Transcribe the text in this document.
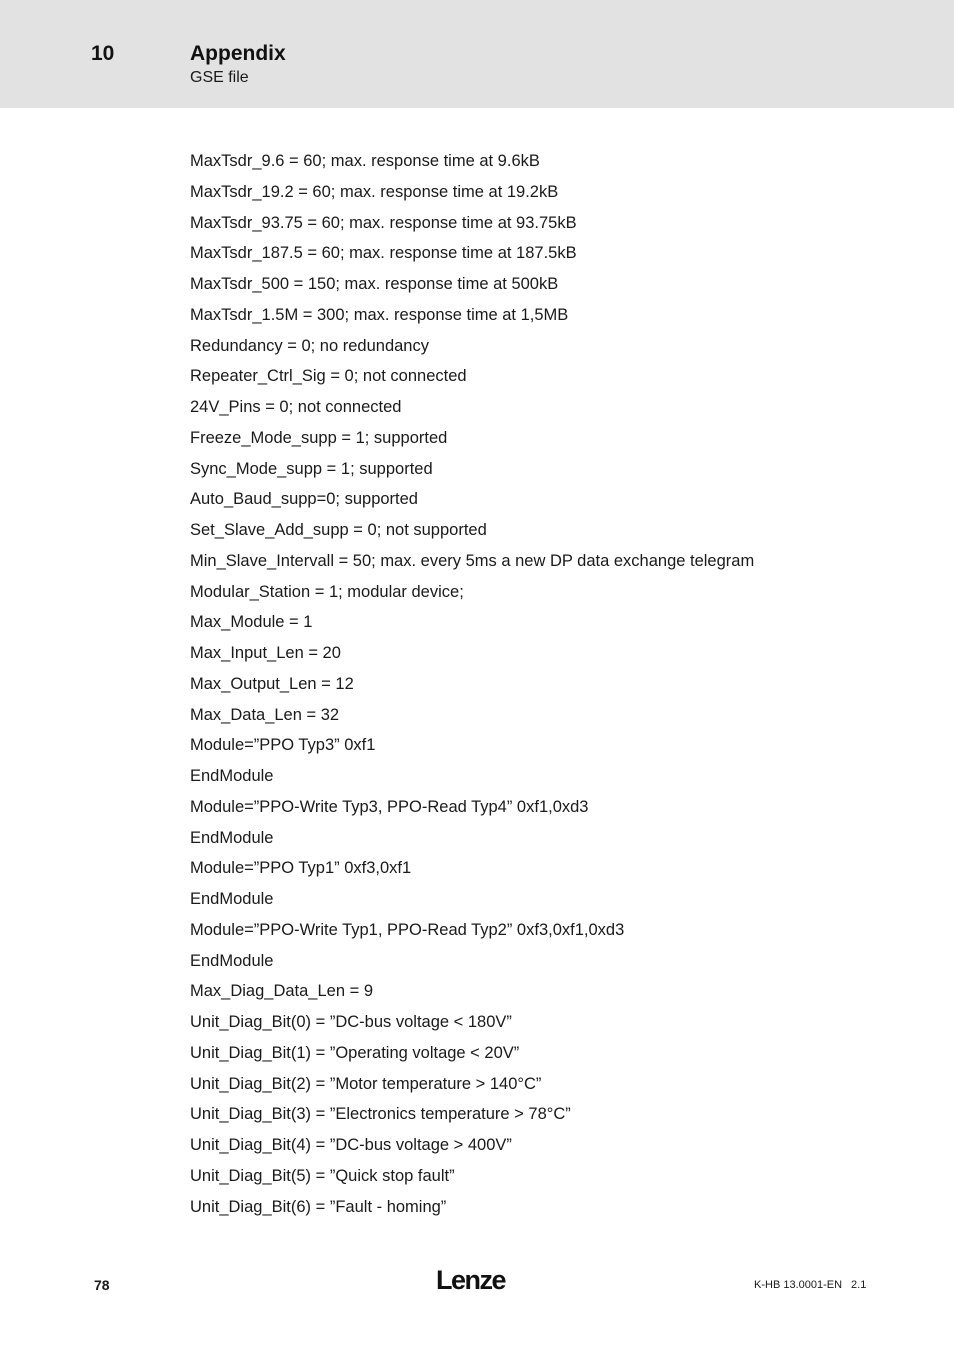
10	Appendix
GSE file
MaxTsdr_9.6 = 60; max. response time at 9.6kB
MaxTsdr_19.2 = 60; max. response time at 19.2kB
MaxTsdr_93.75 = 60; max. response time at 93.75kB
MaxTsdr_187.5 = 60; max. response time at 187.5kB
MaxTsdr_500 = 150; max. response time at 500kB
MaxTsdr_1.5M = 300; max. response time at 1,5MB
Redundancy = 0; no redundancy
Repeater_Ctrl_Sig = 0; not connected
24V_Pins = 0; not connected
Freeze_Mode_supp = 1; supported
Sync_Mode_supp = 1; supported
Auto_Baud_supp=0; supported
Set_Slave_Add_supp = 0; not supported
Min_Slave_Intervall = 50; max. every 5ms a new DP data exchange telegram
Modular_Station = 1; modular device;
Max_Module = 1
Max_Input_Len = 20
Max_Output_Len = 12
Max_Data_Len = 32
Module=”PPO Typ3” 0xf1
EndModule
Module=”PPO-Write Typ3, PPO-Read Typ4” 0xf1,0xd3
EndModule
Module=”PPO Typ1” 0xf3,0xf1
EndModule
Module=”PPO-Write Typ1, PPO-Read Typ2” 0xf3,0xf1,0xd3
EndModule
Max_Diag_Data_Len = 9
Unit_Diag_Bit(0) = ”DC-bus voltage < 180V”
Unit_Diag_Bit(1) = ”Operating voltage < 20V”
Unit_Diag_Bit(2) = ”Motor temperature > 140°C”
Unit_Diag_Bit(3) = ”Electronics temperature > 78°C”
Unit_Diag_Bit(4) = ”DC-bus voltage > 400V”
Unit_Diag_Bit(5) = ”Quick stop fault”
Unit_Diag_Bit(6) = ”Fault - homing”
78	Lenze	K-HB 13.0001-EN 2.1
